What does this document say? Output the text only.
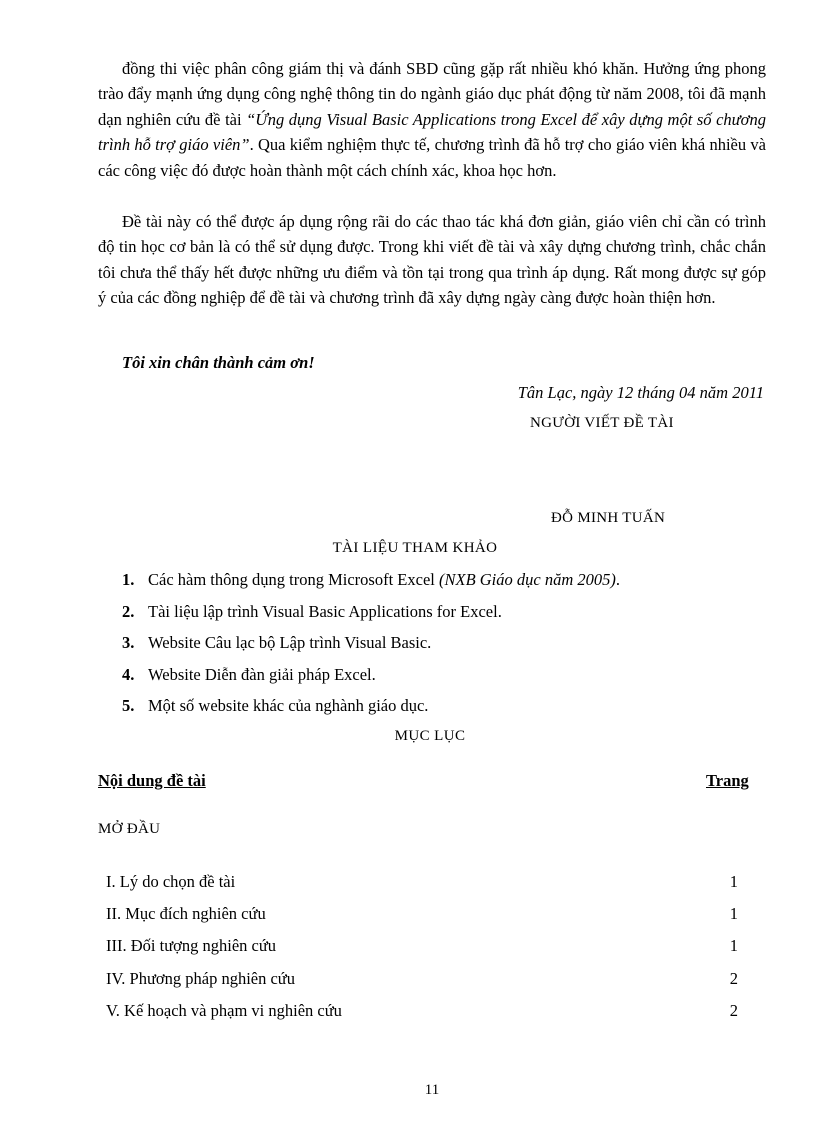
đồng thi việc phân công giám thị và đánh SBD cũng gặp rất nhiều khó khăn. Hưởng ứng phong trào đẩy mạnh ứng dụng công nghệ thông tin do ngành giáo dục phát động từ năm 2008, tôi đã mạnh dạn nghiên cứu đề tài “Ứng dụng Visual Basic Applications trong Excel để xây dựng một số chương trình hỗ trợ giáo viên”. Qua kiểm nghiệm thực tế, chương trình đã hỗ trợ cho giáo viên khá nhiều và các công việc đó được hoàn thành một cách chính xác, khoa học hơn.

Đề tài này có thể được áp dụng rộng rãi do các thao tác khá đơn giản, giáo viên chỉ cần có trình độ tin học cơ bản là có thể sử dụng được. Trong khi viết đề tài và xây dựng chương trình, chắc chắn tôi chưa thể thấy hết được những ưu điểm và tồn tại trong qua trình áp dụng. Rất mong được sự góp ý của các đồng nghiệp để đề tài và chương trình đã xây dựng ngày càng được hoàn thiện hơn.

Tôi xin chân thành cảm ơn!
Tân Lạc, ngày 12 tháng 04 năm 2011
NGƯỜI VIẾT ĐỀ TÀI
ĐỖ MINH TUẤN
TÀI LIỆU THAM KHẢO
1. Các hàm thông dụng trong Microsoft Excel (NXB Giáo dục năm 2005).
2. Tài liệu lập trình Visual Basic Applications for Excel.
3. Website Câu lạc bộ Lập trình Visual Basic.
4. Website Diễn đàn giải pháp Excel.
5. Một số website khác của nghành giáo dục.
MỤC LỤC
Nội dung đề tài	Trang
MỞ ĐẦU
I. Lý do chọn đề tài	1
II. Mục đích nghiên cứu	1
III. Đối tượng nghiên cứu	1
IV. Phương pháp nghiên cứu	2
V. Kế hoạch và phạm vi nghiên cứu	2
11
